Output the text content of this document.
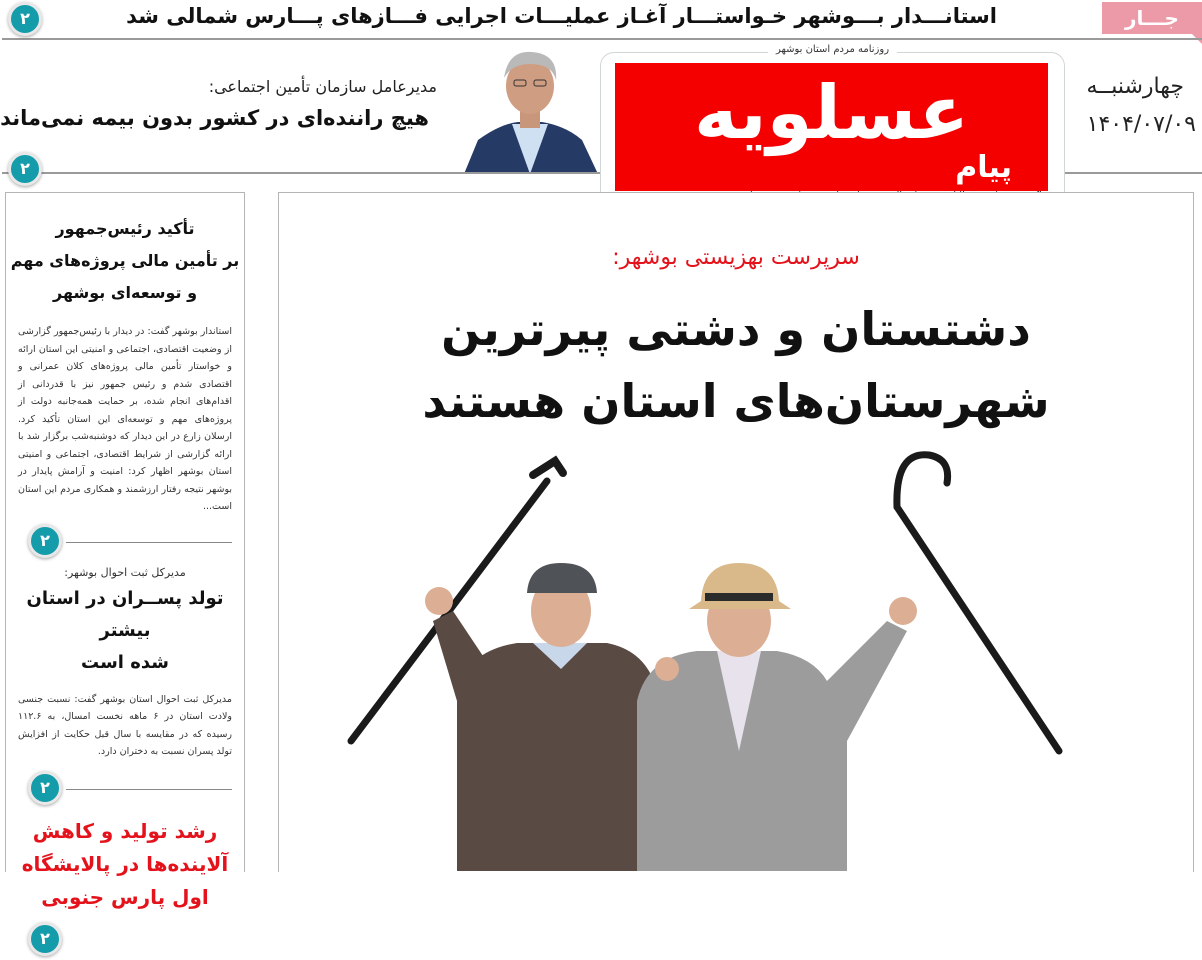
جـــار
استانـــدار بـــوشهر خـواستـــار آغـاز عملیـــات اجرایی فـــازهای پـــارس شمالی شد
۲
مدیرعامل سازمان تأمین اجتماعی:
هیچ راننده‌ای در کشور بدون بیمه نمی‌ماند
۲
روزنامه مردم استان بوشهر
عسلویه
پیام
چهارشنبــه
۱۴۰۴/۰۷/۰۹
تأکید رئیس‌جمهور
بر تأمین مالی پروژه‌های مهم
و توسعه‌ای بوشهر
استاندار بوشهر گفت: در دیدار با رئیس‌جمهور گزارشی از وضعیت اقتصادی، اجتماعی و امنیتی این استان ارائه و خواستار تأمین مالی پروژه‌های کلان عمرانی و اقتصادی شدم و رئیس جمهور نیز با قدردانی از اقدام‌های انجام شده، بر حمایت همه‌جانبه دولت از پروژه‌های مهم و توسعه‌ای این استان تأکید کرد. ارسلان زارع در این دیدار که دوشنبه‌شب برگزار شد با ارائه گزارشی از شرایط اقتصادی، اجتماعی و امنیتی استان بوشهر اظهار کرد: امنیت و آرامش پایدار در بوشهر نتیجه رفتار ارزشمند و همکاری مردم این استان است...
۲
مدیرکل ثبت احوال بوشهر:
تولد پســران در استان بیشتر
شده است
مدیرکل ثبت احوال استان بوشهر گفت: نسبت جنسی ولادت استان در ۶ ماهه نخست امسال، به ۱۱۲.۶ رسیده که در مقایسه با سال قبل حکایت از افزایش تولد پسران نسبت به دختران دارد.
۲
رشد تولید و کاهش
آلاینده‌ها در پالایشگاه
اول پارس جنوبی
۲
سرپرست بهزیستی بوشهر:
دشتستان و دشتی پیرترین
شهرستان‌های استان هستند
